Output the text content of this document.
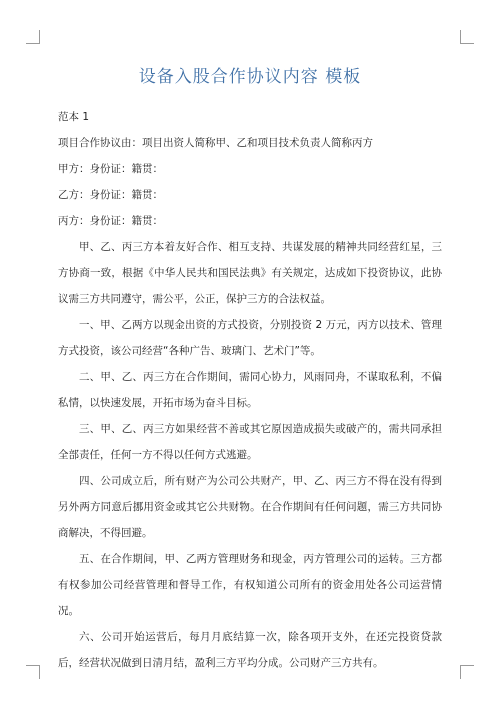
设备入股合作协议内容 模板
范本 1
项目合作协议由：项目出资人简称甲、乙和项目技术负责人简称丙方
甲方：身份证：籍贯：
乙方：身份证：籍贯：
丙方：身份证：籍贯：

甲、乙、丙三方本着友好合作、相互支持、共谋发展的精神共同经营红星，三方协商一致，根据《中华人民共和国民法典》有关规定，达成如下投资协议，此协议需三方共同遵守，需公平，公正，保护三方的合法权益。

一、甲、乙两方以现金出资的方式投资，分别投资 2 万元，丙方以技术、管理方式投资，该公司经营“各种广告、玻璃门、艺术门”等。

二、甲、乙、丙三方在合作期间，需同心协力，风雨同舟，不谋取私利，不偏私情，以快速发展，开拓市场为奋斗目标。

三、甲、乙、丙三方如果经营不善或其它原因造成损失或破产的，需共同承担全部责任，任何一方不得以任何方式逃避。

四、公司成立后，所有财产为公司公共财产，甲、乙、丙三方不得在没有得到另外两方同意后挪用资金或其它公共财物。在合作期间有任何问题，需三方共同协商解决，不得回避。

五、在合作期间，甲、乙两方管理财务和现金，丙方管理公司的运转。三方都有权参加公司经营管理和督导工作，有权知道公司所有的资金用处各公司运营情况。

六、公司开始运营后，每月月底结算一次，除各项开支外，在还完投资贷款后，经营状况做到日清月结，盈利三方平均分成。公司财产三方共有。
